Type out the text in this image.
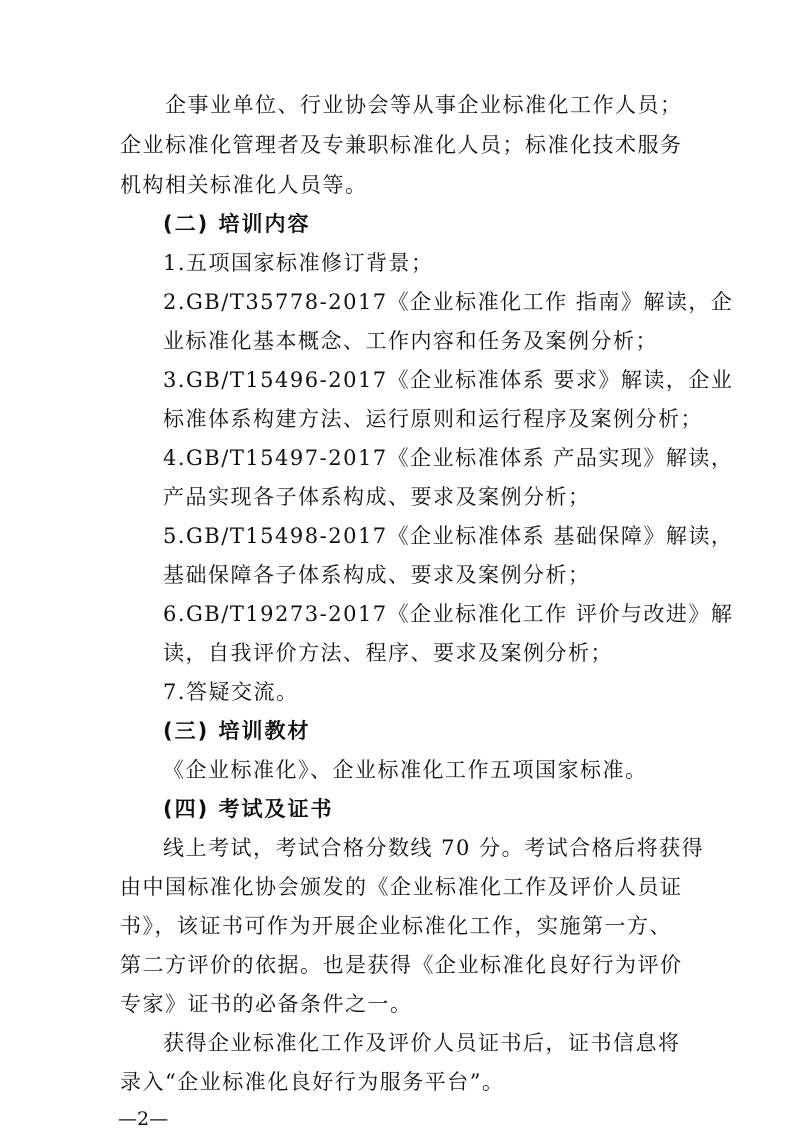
企事业单位、行业协会等从事企业标准化工作人员；
企业标准化管理者及专兼职标准化人员；标准化技术服务
机构相关标准化人员等。
(二) 培训内容
1.五项国家标准修订背景；
2.GB/T35778-2017《企业标准化工作 指南》解读，企
业标准化基本概念、工作内容和任务及案例分析；
3.GB/T15496-2017《企业标准体系 要求》解读，企业
标准体系构建方法、运行原则和运行程序及案例分析；
4.GB/T15497-2017《企业标准体系 产品实现》解读，
产品实现各子体系构成、要求及案例分析；
5.GB/T15498-2017《企业标准体系 基础保障》解读，
基础保障各子体系构成、要求及案例分析；
6.GB/T19273-2017《企业标准化工作 评价与改进》解
读，自我评价方法、程序、要求及案例分析；
7.答疑交流。
(三) 培训教材
《企业标准化》、企业标准化工作五项国家标准。
(四) 考试及证书
线上考试，考试合格分数线 70 分。考试合格后将获得
由中国标准化协会颁发的《企业标准化工作及评价人员证
书》，该证书可作为开展企业标准化工作，实施第一方、
第二方评价的依据。也是获得《企业标准化良好行为评价
专家》证书的必备条件之一。
获得企业标准化工作及评价人员证书后，证书信息将
录入“企业标准化良好行为服务平台”。
—2—
